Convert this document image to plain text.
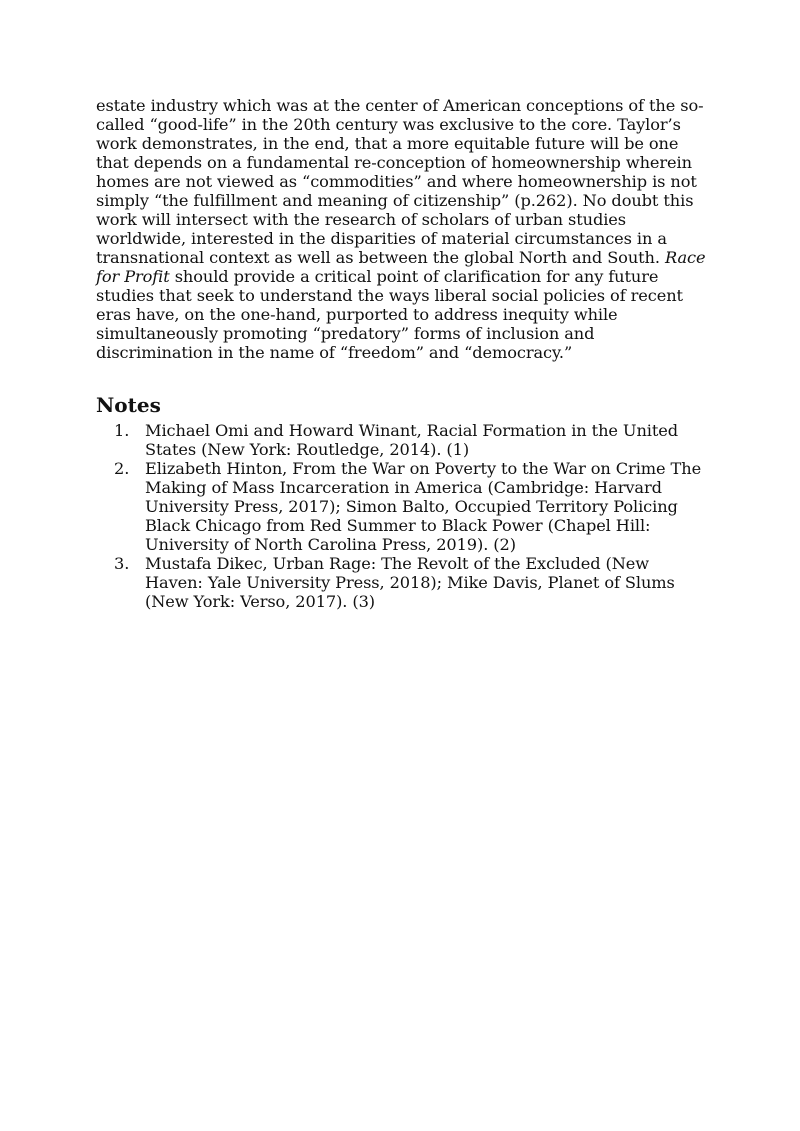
estate industry which was at the center of American conceptions of the so-called “good-life” in the 20th century was exclusive to the core. Taylor’s work demonstrates, in the end, that a more equitable future will be one that depends on a fundamental re-conception of homeownership wherein homes are not viewed as “commodities” and where homeownership is not simply “the fulfillment and meaning of citizenship” (p.262). No doubt this work will intersect with the research of scholars of urban studies worldwide, interested in the disparities of material circumstances in a transnational context as well as between the global North and South. Race for Profit should provide a critical point of clarification for any future studies that seek to understand the ways liberal social policies of recent eras have, on the one-hand, purported to address inequity while simultaneously promoting “predatory” forms of inclusion and discrimination in the name of “freedom” and “democracy.”

Notes
1. Michael Omi and Howard Winant, Racial Formation in the United States (New York: Routledge, 2014). (1)
2. Elizabeth Hinton, From the War on Poverty to the War on Crime The Making of Mass Incarceration in America (Cambridge: Harvard University Press, 2017); Simon Balto, Occupied Territory Policing Black Chicago from Red Summer to Black Power (Chapel Hill: University of North Carolina Press, 2019). (2)
3. Mustafa Dikec, Urban Rage: The Revolt of the Excluded (New Haven: Yale University Press, 2018); Mike Davis, Planet of Slums (New York: Verso, 2017). (3)
